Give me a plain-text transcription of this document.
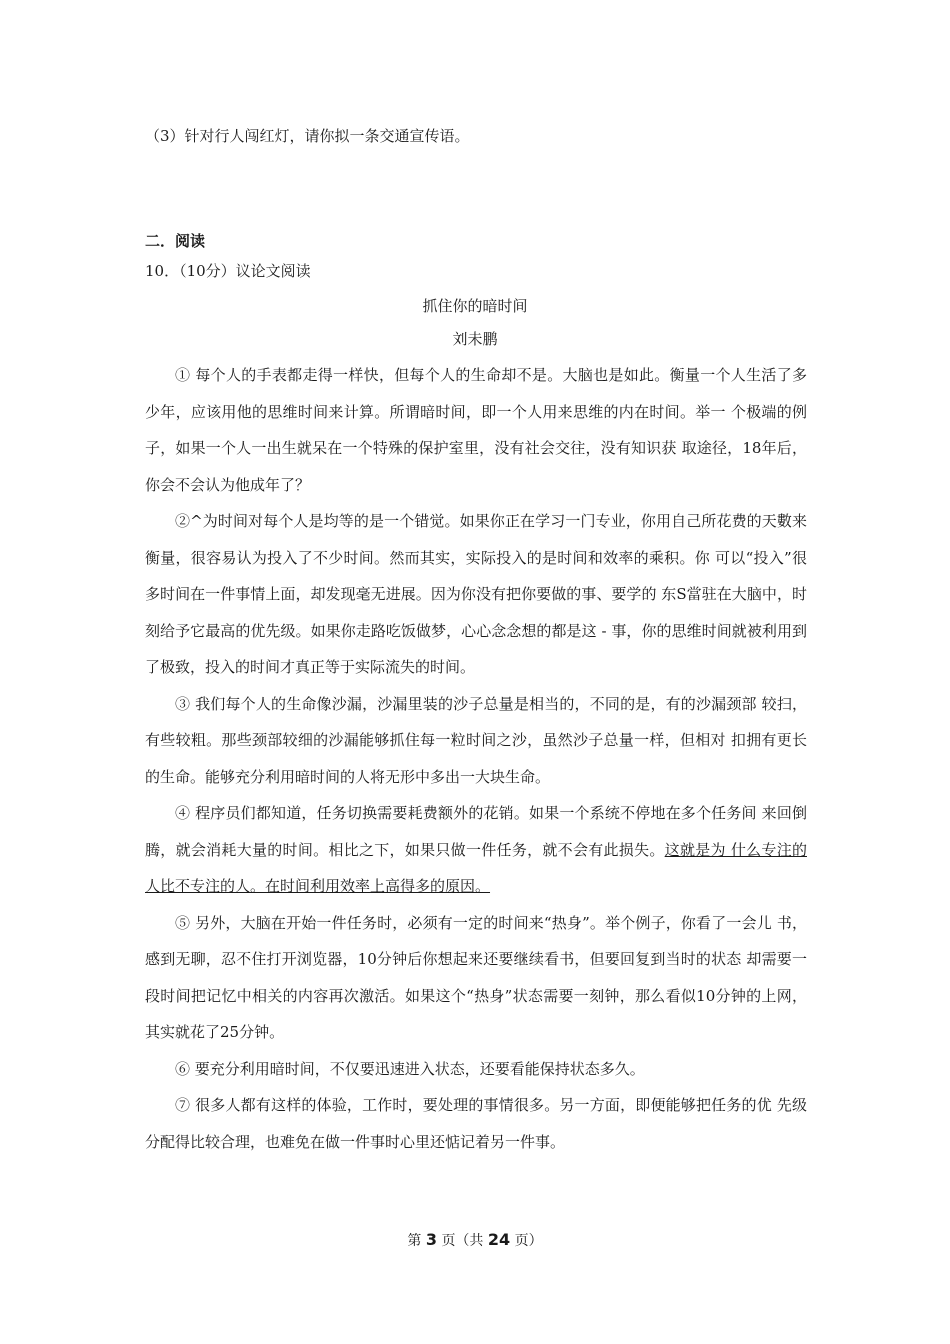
（3）针对行人闯红灯，请你拟一条交通宣传语。

二．阅读

10．（10分）议论文阅读

抓住你的暗时间

刘未鹏

① 每个人的手表都走得一样快，但每个人的生命却不是。大脑也是如此。衡量一个人生活了多少年，应该用他的思维时间来计算。所谓暗时间，即一个人用来思维的内在时间。举一 个极端的例子，如果一个人一出生就呆在一个特殊的保护室里，没有社会交往，没有知识获 取途径，18年后，你会不会认为他成年了？

②^为时间对每个人是均等的是一个错觉。如果你正在学习一门专业，你用自己所花费的天數来衡量，很容易认为投入了不少时间。然而其实，实际投入的是时间和效率的乘积。你 可以“投入”很多时间在一件事情上面，却发现毫无进展。因为你没有把你要做的事、要学的 东S當驻在大脑中，时刻给予它最高的优先级。如果你走路吃饭做梦，心心念念想的都是这 - 事，你的思维时间就被利用到了极致，投入的时间才真正等于实际流失的时间。

③ 我们每个人的生命像沙漏，沙漏里装的沙子总量是相当的，不同的是，有的沙漏颈部 较扫，有些较粗。那些颈部较细的沙漏能够抓住每一粒时间之沙，虽然沙子总量一样，但相对 扣拥有更长的生命。能够充分利用暗时间的人将无形中多出一大块生命。

④ 程序员们都知道，任务切换需要耗费额外的花销。如果一个系统不停地在多个任务间 来回倒腾，就会消耗大量的时间。相比之下，如果只做一件任务，就不会有此损失。这就是为 什么专注的人比不专注的人。在时间利用效率上高得多的原因。

⑤ 另外，大脑在开始一件任务时，必须有一定的时间来“热身”。举个例子，你看了一会儿 书，感到无聊，忍不住打开浏览器，10分钟后你想起来还要继续看书，但要回复到当时的状态 却需要一段时间把记忆中相关的内容再次激活。如果这个“热身”状态需要一刻钟，那么看似10分钟的上网，其实就花了25分钟。

⑥ 要充分利用暗时间，不仅要迅速进入状态，还要看能保持状态多久。

⑦ 很多人都有这样的体验，工作时，要处理的事情很多。另一方面，即便能够把任务的优 先级分配得比较合理，也难免在做一件事时心里还惦记着另一件事。

第 3 页（共 24 页）
